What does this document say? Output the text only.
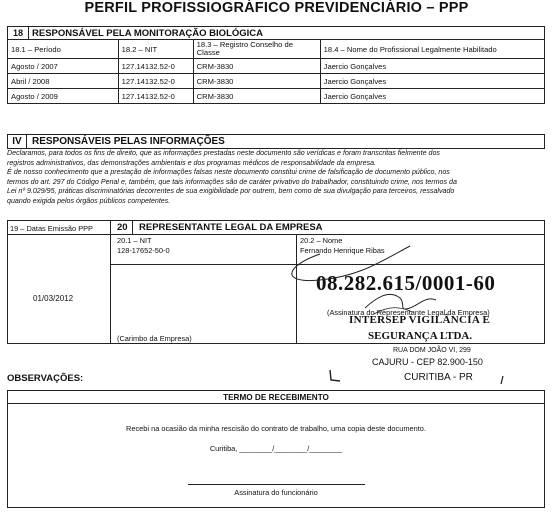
PERFIL PROFISSIOGRÁFICO PREVIDENCIÁRIO – PPP
18	RESPONSÁVEL PELA MONITORAÇÃO BIOLÓGICA			
18.1 – Período		18.2 – NIT	18.3 – Registro Conselho de Classe	18.4 – Nome do Profissional Legalmente Habilitado
Agosto / 2007		127.14132.52-0	CRM-3830	Jaercio Gonçalves
Abril / 2008		127.14132.52-0	CRM-3830	Jaercio Gonçalves
Agosto / 2009		127.14132.52-0	CRM-3830	Jaercio Gonçalves
IV	RESPONSÁVEIS PELAS INFORMAÇÕES
Declaramos, para todos os fins de direito, que as informações prestadas neste documento são verídicas e foram transcritas fielmente dos
registros administrativos, das demonstrações ambientais e dos programas médicos de responsabilidade da empresa.
É de nosso conhecimento que a prestação de informações falsas neste documento constitui crime de falsificação de documento público, nos
termos do art. 297 do Código Penal e, também, que tais informações são de caráter privativo do trabalhador, constituindo crime, nos termos da
Lei nº 9.029/95, práticas discriminatórias decorrentes de sua exigibilidade por outrem, bem como de sua divulgação para terceiros, ressalvado
quando exigida pelos órgãos públicos competentes.
19 – Datas Emissão PPP
01/03/2012
20 REPRESENTANTE LEGAL DA EMPRESA
20.1 – NIT
128-17652-50-0
20.2 – Nome
Fernando Henrique Ribas
(Carimbo da Empresa)
(Assinatura do Representante Legal da Empresa)
08.282.615/0001-60
INTERSEP VIGILÂNCIA E
SEGURANÇA LTDA.
RUA DOM JOÃO VI, 299
CAJURU - CEP 82.900-150
CURITIBA - PR
OBSERVAÇÕES:
TERMO DE RECEBIMENTO
Recebi na ocasião da minha rescisão do contrato de trabalho, uma copia deste documento.
Curitiba, ________/________/________
Assinatura do funcionário
